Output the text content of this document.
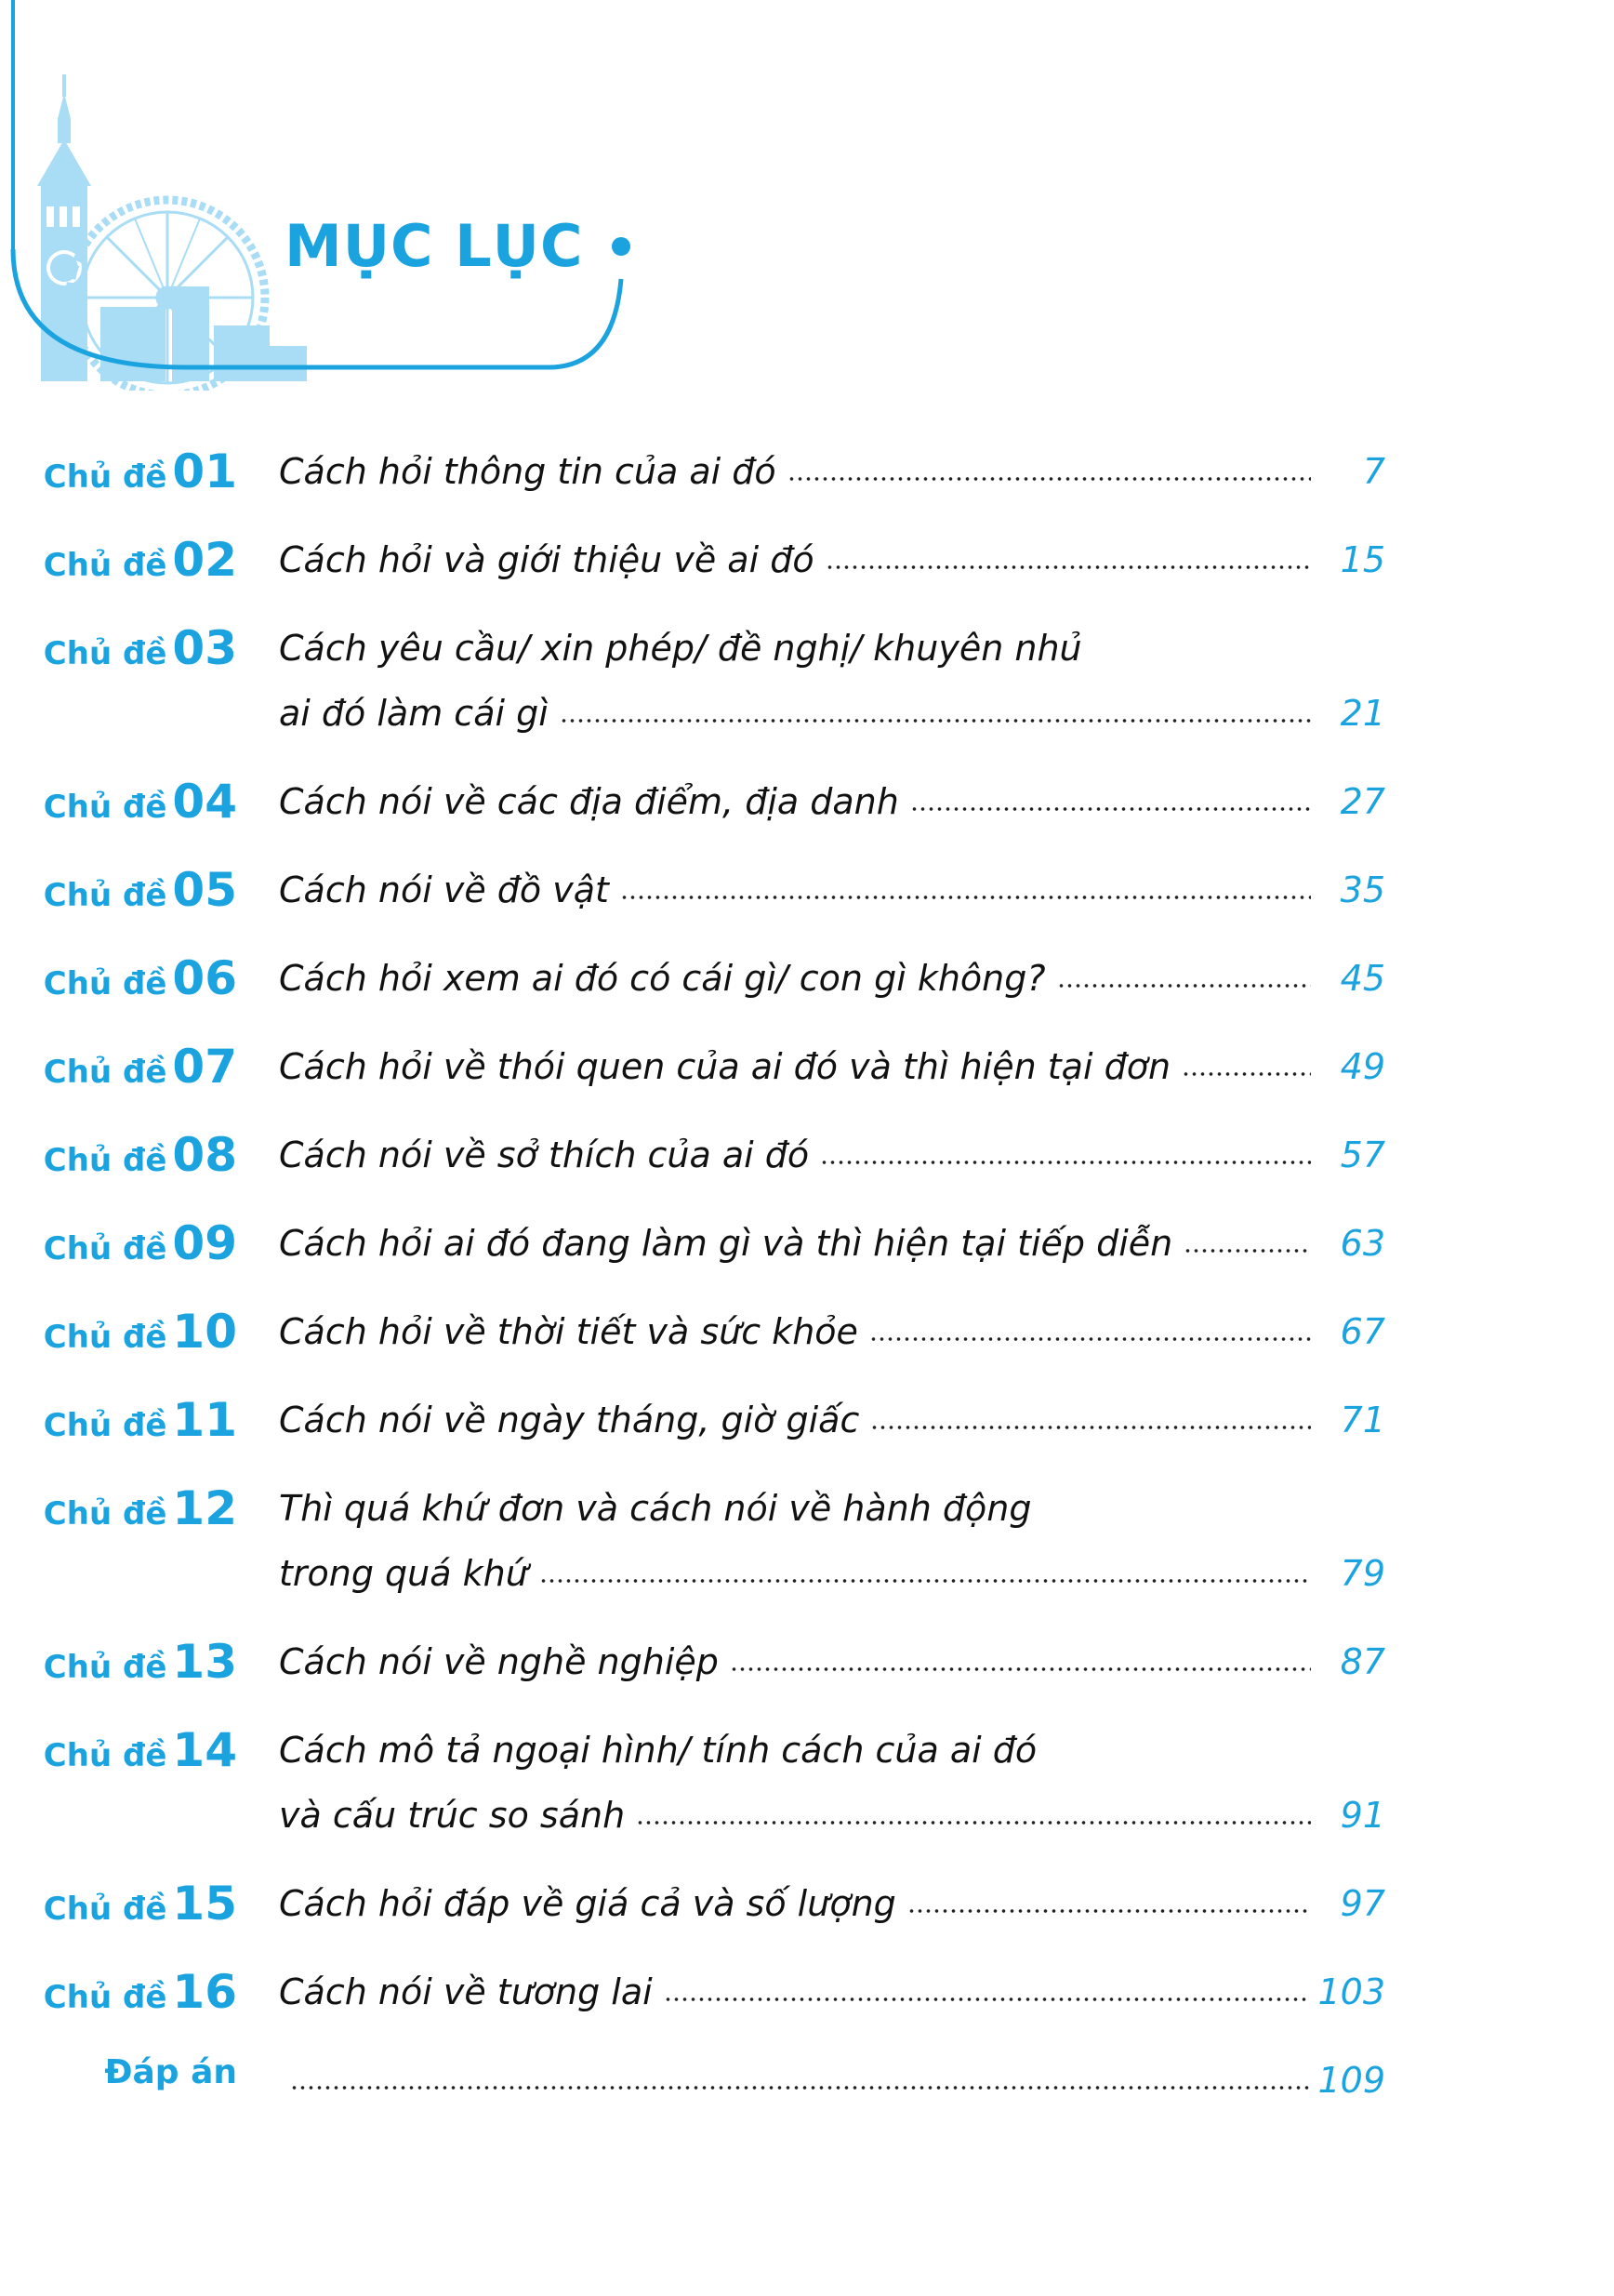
MỤC LỤC
Chủ đề 01 Cách hỏi thông tin của ai đó	7
Chủ đề 02 Cách hỏi và giới thiệu về ai đó	15
Chủ đề 03 Cách yêu cầu/ xin phép/ đề nghị/ khuyên nhủ
ai đó làm cái gì	21
Chủ đề 04 Cách nói về các địa điểm, địa danh	27
Chủ đề 05 Cách nói về đồ vật	35
Chủ đề 06 Cách hỏi xem ai đó có cái gì/ con gì không?	45
Chủ đề 07 Cách hỏi về thói quen của ai đó và thì hiện tại đơn	49
Chủ đề 08 Cách nói về sở thích của ai đó	57
Chủ đề 09 Cách hỏi ai đó đang làm gì và thì hiện tại tiếp diễn	63
Chủ đề 10 Cách hỏi về thời tiết và sức khỏe	67
Chủ đề 11 Cách nói về ngày tháng, giờ giấc	71
Chủ đề 12 Thì quá khứ đơn và cách nói về hành động
trong quá khứ	79
Chủ đề 13 Cách nói về nghề nghiệp	87
Chủ đề 14 Cách mô tả ngoại hình/ tính cách của ai đó
và cấu trúc so sánh	91
Chủ đề 15 Cách hỏi đáp về giá cả và số lượng	97
Chủ đề 16 Cách nói về tương lai	103
Đáp án	109
